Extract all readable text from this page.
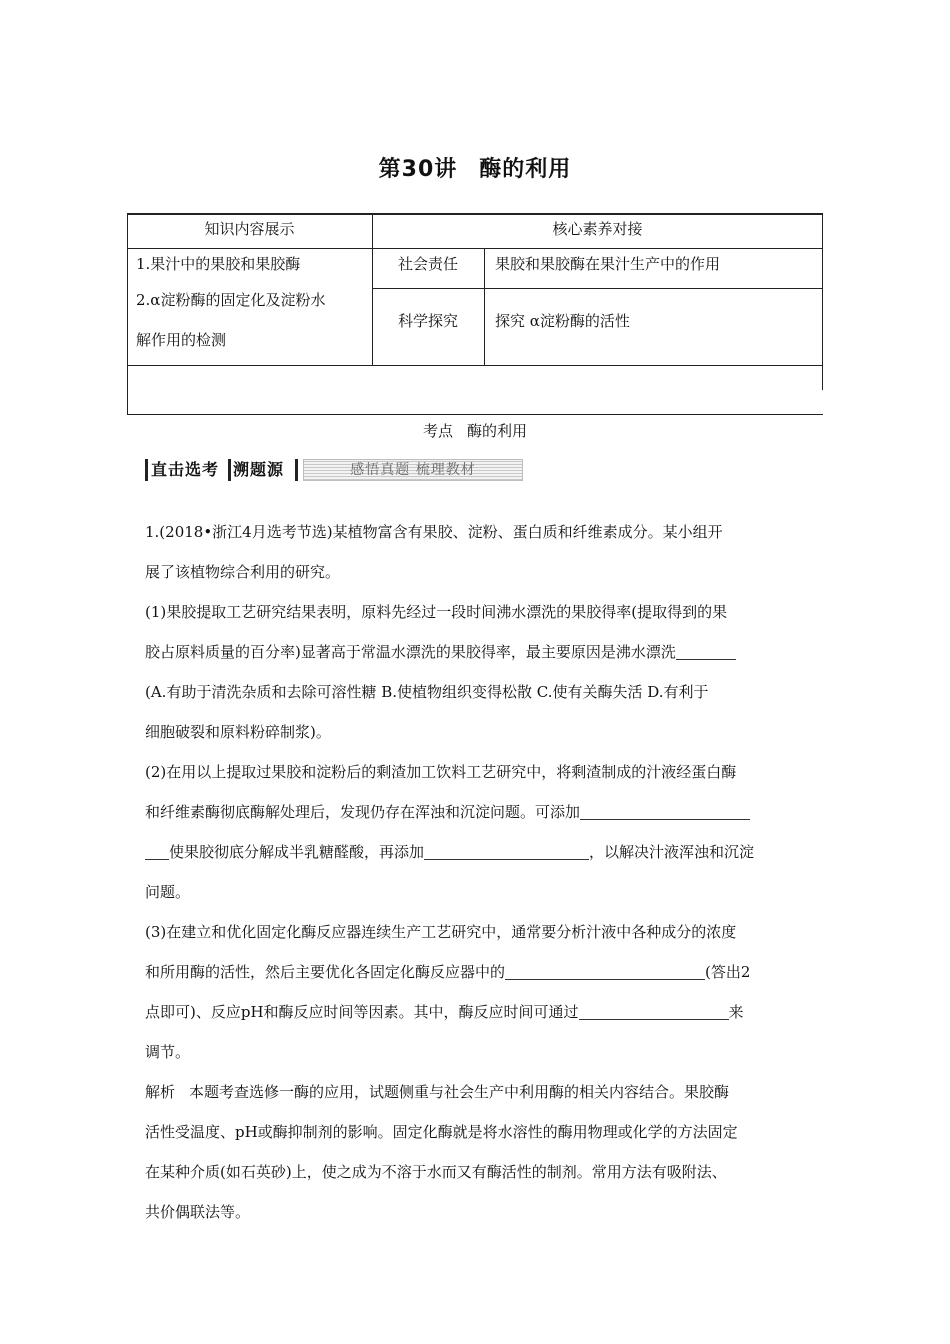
第30讲 酶的利用
知识内容展示	核心素养对接
1.果汁中的果胶和果胶酶
2.α淀粉酶的固定化及淀粉水
解作用的检测
社会责任	果胶和果胶酶在果汁生产中的作用
科学探究	探究 α淀粉酶的活性
考点 酶的利用
直击选考 溯题源	感悟真题 梳理教材

1.(2018•浙江4月选考节选)某植物富含有果胶、淀粉、蛋白质和纤维素成分。某小组开

展了该植物综合利用的研究。

(1)果胶提取工艺研究结果表明，原料先经过一段时间沸水漂洗的果胶得率(提取得到的果

胶占原料质量的百分率)显著高于常温水漂洗的果胶得率，最主要原因是沸水漂洗

(A.有助于清洗杂质和去除可溶性糖 B.使植物组织变得松散 C.使有关酶失活 D.有利于

细胞破裂和原料粉碎制浆)。

(2)在用以上提取过果胶和淀粉后的剩渣加工饮料工艺研究中，将剩渣制成的汁液经蛋白酶

和纤维素酶彻底酶解处理后，发现仍存在浑浊和沉淀问题。可添加

使果胶彻底分解成半乳糖醛酸，再添加	，以解决汁液浑浊和沉淀

问题。

(3)在建立和优化固定化酶反应器连续生产工艺研究中，通常要分析汁液中各种成分的浓度

和所用酶的活性，然后主要优化各固定化酶反应器中的	(答出2

点即可)、反应pH和酶反应时间等因素。其中，酶反应时间可通过	来

调节。

解析 本题考查选修一酶的应用，试题侧重与社会生产中利用酶的相关内容结合。果胶酶

活性受温度、pH或酶抑制剂的影响。固定化酶就是将水溶性的酶用物理或化学的方法固定

在某种介质(如石英砂)上，使之成为不溶于水而又有酶活性的制剂。常用方法有吸附法、

共价偶联法等。
